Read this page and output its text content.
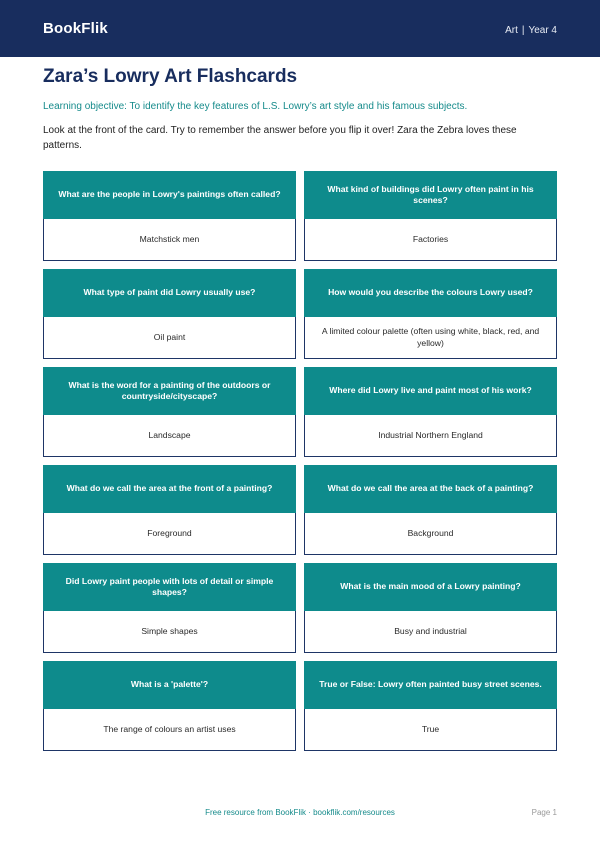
BookFlik	Art | Year 4
Zara’s Lowry Art Flashcards
Learning objective: To identify the key features of L.S. Lowry’s art style and his famous subjects.
Look at the front of the card. Try to remember the answer before you flip it over! Zara the Zebra loves these patterns.
What are the people in Lowry's paintings often called?
Matchstick men
What kind of buildings did Lowry often paint in his scenes?
Factories
What type of paint did Lowry usually use?
Oil paint
How would you describe the colours Lowry used?
A limited colour palette (often using white, black, red, and yellow)
What is the word for a painting of the outdoors or countryside/cityscape?
Landscape
Where did Lowry live and paint most of his work?
Industrial Northern England
What do we call the area at the front of a painting?
Foreground
What do we call the area at the back of a painting?
Background
Did Lowry paint people with lots of detail or simple shapes?
Simple shapes
What is the main mood of a Lowry painting?
Busy and industrial
What is a 'palette'?
The range of colours an artist uses
True or False: Lowry often painted busy street scenes.
True
Free resource from BookFlik · bookflik.com/resources	Page 1
